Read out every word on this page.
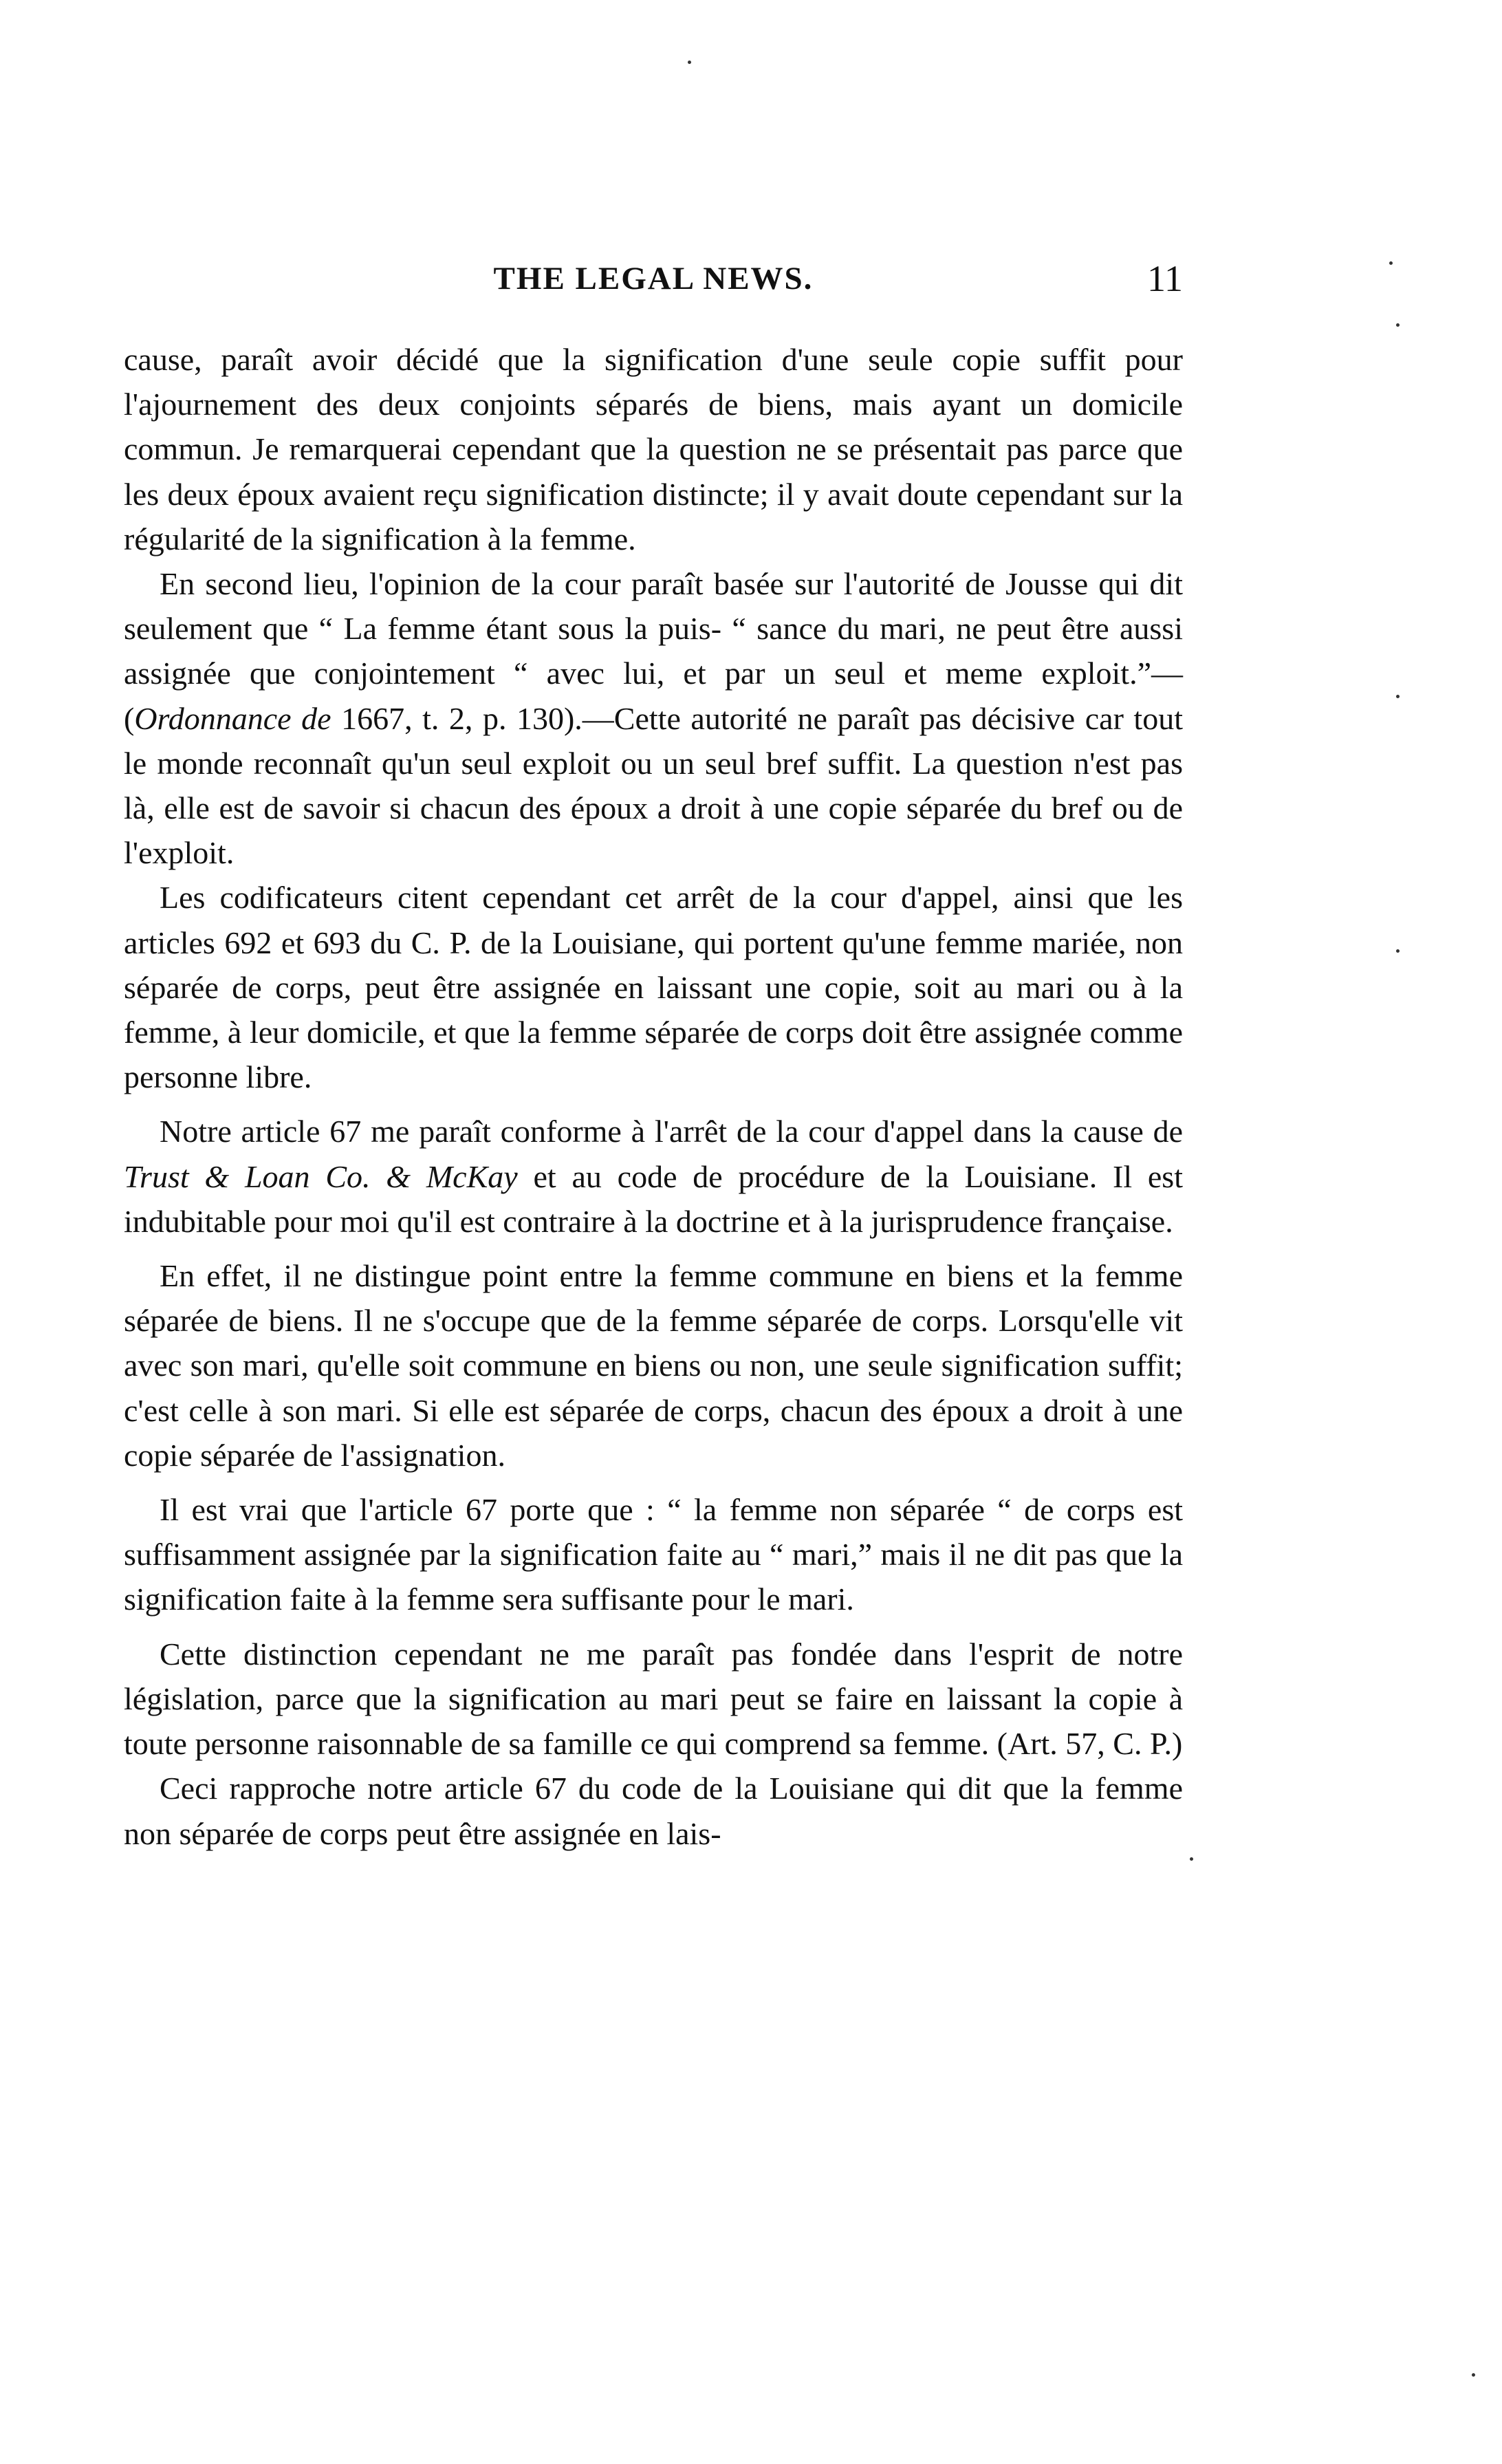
THE LEGAL NEWS.	11

cause, paraît avoir décidé que la signification d'une seule copie suffit pour l'ajournement des deux conjoints séparés de biens, mais ayant un domicile commun. Je remarquerai cependant que la question ne se présentait pas parce que les deux époux avaient reçu signification distincte; il y avait doute cependant sur la régularité de la signification à la femme.

En second lieu, l'opinion de la cour paraît basée sur l'autorité de Jousse qui dit seulement que “ La femme étant sous la puis- “ sance du mari, ne peut être aussi assignée que conjointement “ avec lui, et par un seul et meme exploit.”—(Ordonnance de 1667, t. 2, p. 130).—Cette autorité ne paraît pas décisive car tout le monde reconnaît qu'un seul exploit ou un seul bref suffit. La question n'est pas là, elle est de savoir si chacun des époux a droit à une copie séparée du bref ou de l'exploit.

Les codificateurs citent cependant cet arrêt de la cour d'appel, ainsi que les articles 692 et 693 du C. P. de la Louisiane, qui portent qu'une femme mariée, non séparée de corps, peut être assignée en laissant une copie, soit au mari ou à la femme, à leur domicile, et que la femme séparée de corps doit être assignée comme personne libre.

Notre article 67 me paraît conforme à l'arrêt de la cour d'appel dans la cause de Trust & Loan Co. & McKay et au code de procédure de la Louisiane. Il est indubitable pour moi qu'il est contraire à la doctrine et à la jurisprudence française.

En effet, il ne distingue point entre la femme commune en biens et la femme séparée de biens. Il ne s'occupe que de la femme séparée de corps. Lorsqu'elle vit avec son mari, qu'elle soit commune en biens ou non, une seule signification suffit; c'est celle à son mari. Si elle est séparée de corps, chacun des époux a droit à une copie séparée de l'assignation.

Il est vrai que l'article 67 porte que : “ la femme non séparée “ de corps est suffisamment assignée par la signification faite au “ mari,” mais il ne dit pas que la signification faite à la femme sera suffisante pour le mari.

Cette distinction cependant ne me paraît pas fondée dans l'esprit de notre législation, parce que la signification au mari peut se faire en laissant la copie à toute personne raisonnable de sa famille ce qui comprend sa femme. (Art. 57, C. P.)

Ceci rapproche notre article 67 du code de la Louisiane qui dit que la femme non séparée de corps peut être assignée en lais-
